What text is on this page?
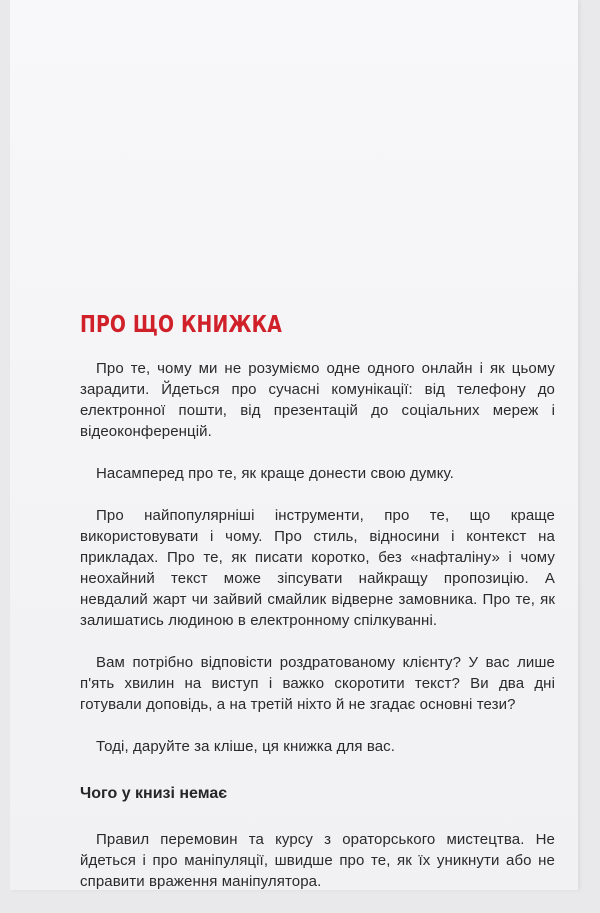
ПРО ЩО КНИЖКА

Про те, чому ми не розуміємо одне одного онлайн і як цьому зарадити. Йдеться про сучасні комунікації: від телефону до електронної пошти, від презентацій до соціальних мереж і відеоконференцій.

Насамперед про те, як краще донести свою думку.

Про найпопулярніші інструменти, про те, що краще використовувати і чому. Про стиль, відносини і контекст на прикладах. Про те, як писати коротко, без «нафталіну» і чому неохайний текст може зіпсувати найкращу пропозицію. А невдалий жарт чи зайвий смайлик відверне замовника. Про те, як залишатись людиною в електронному спілкуванні.

Вам потрібно відповісти роздратованому клієнту? У вас лише п'ять хвилин на виступ і важко скоротити текст? Ви два дні готували доповідь, а на третій ніхто й не згадає основні тези?

Тоді, даруйте за кліше, ця книжка для вас.

Чого у книзі немає

Правил перемовин та курсу з ораторського мистецтва. Не йдеться і про маніпуляції, швидше про те, як їх уникнути або не справити враження маніпулятора.
